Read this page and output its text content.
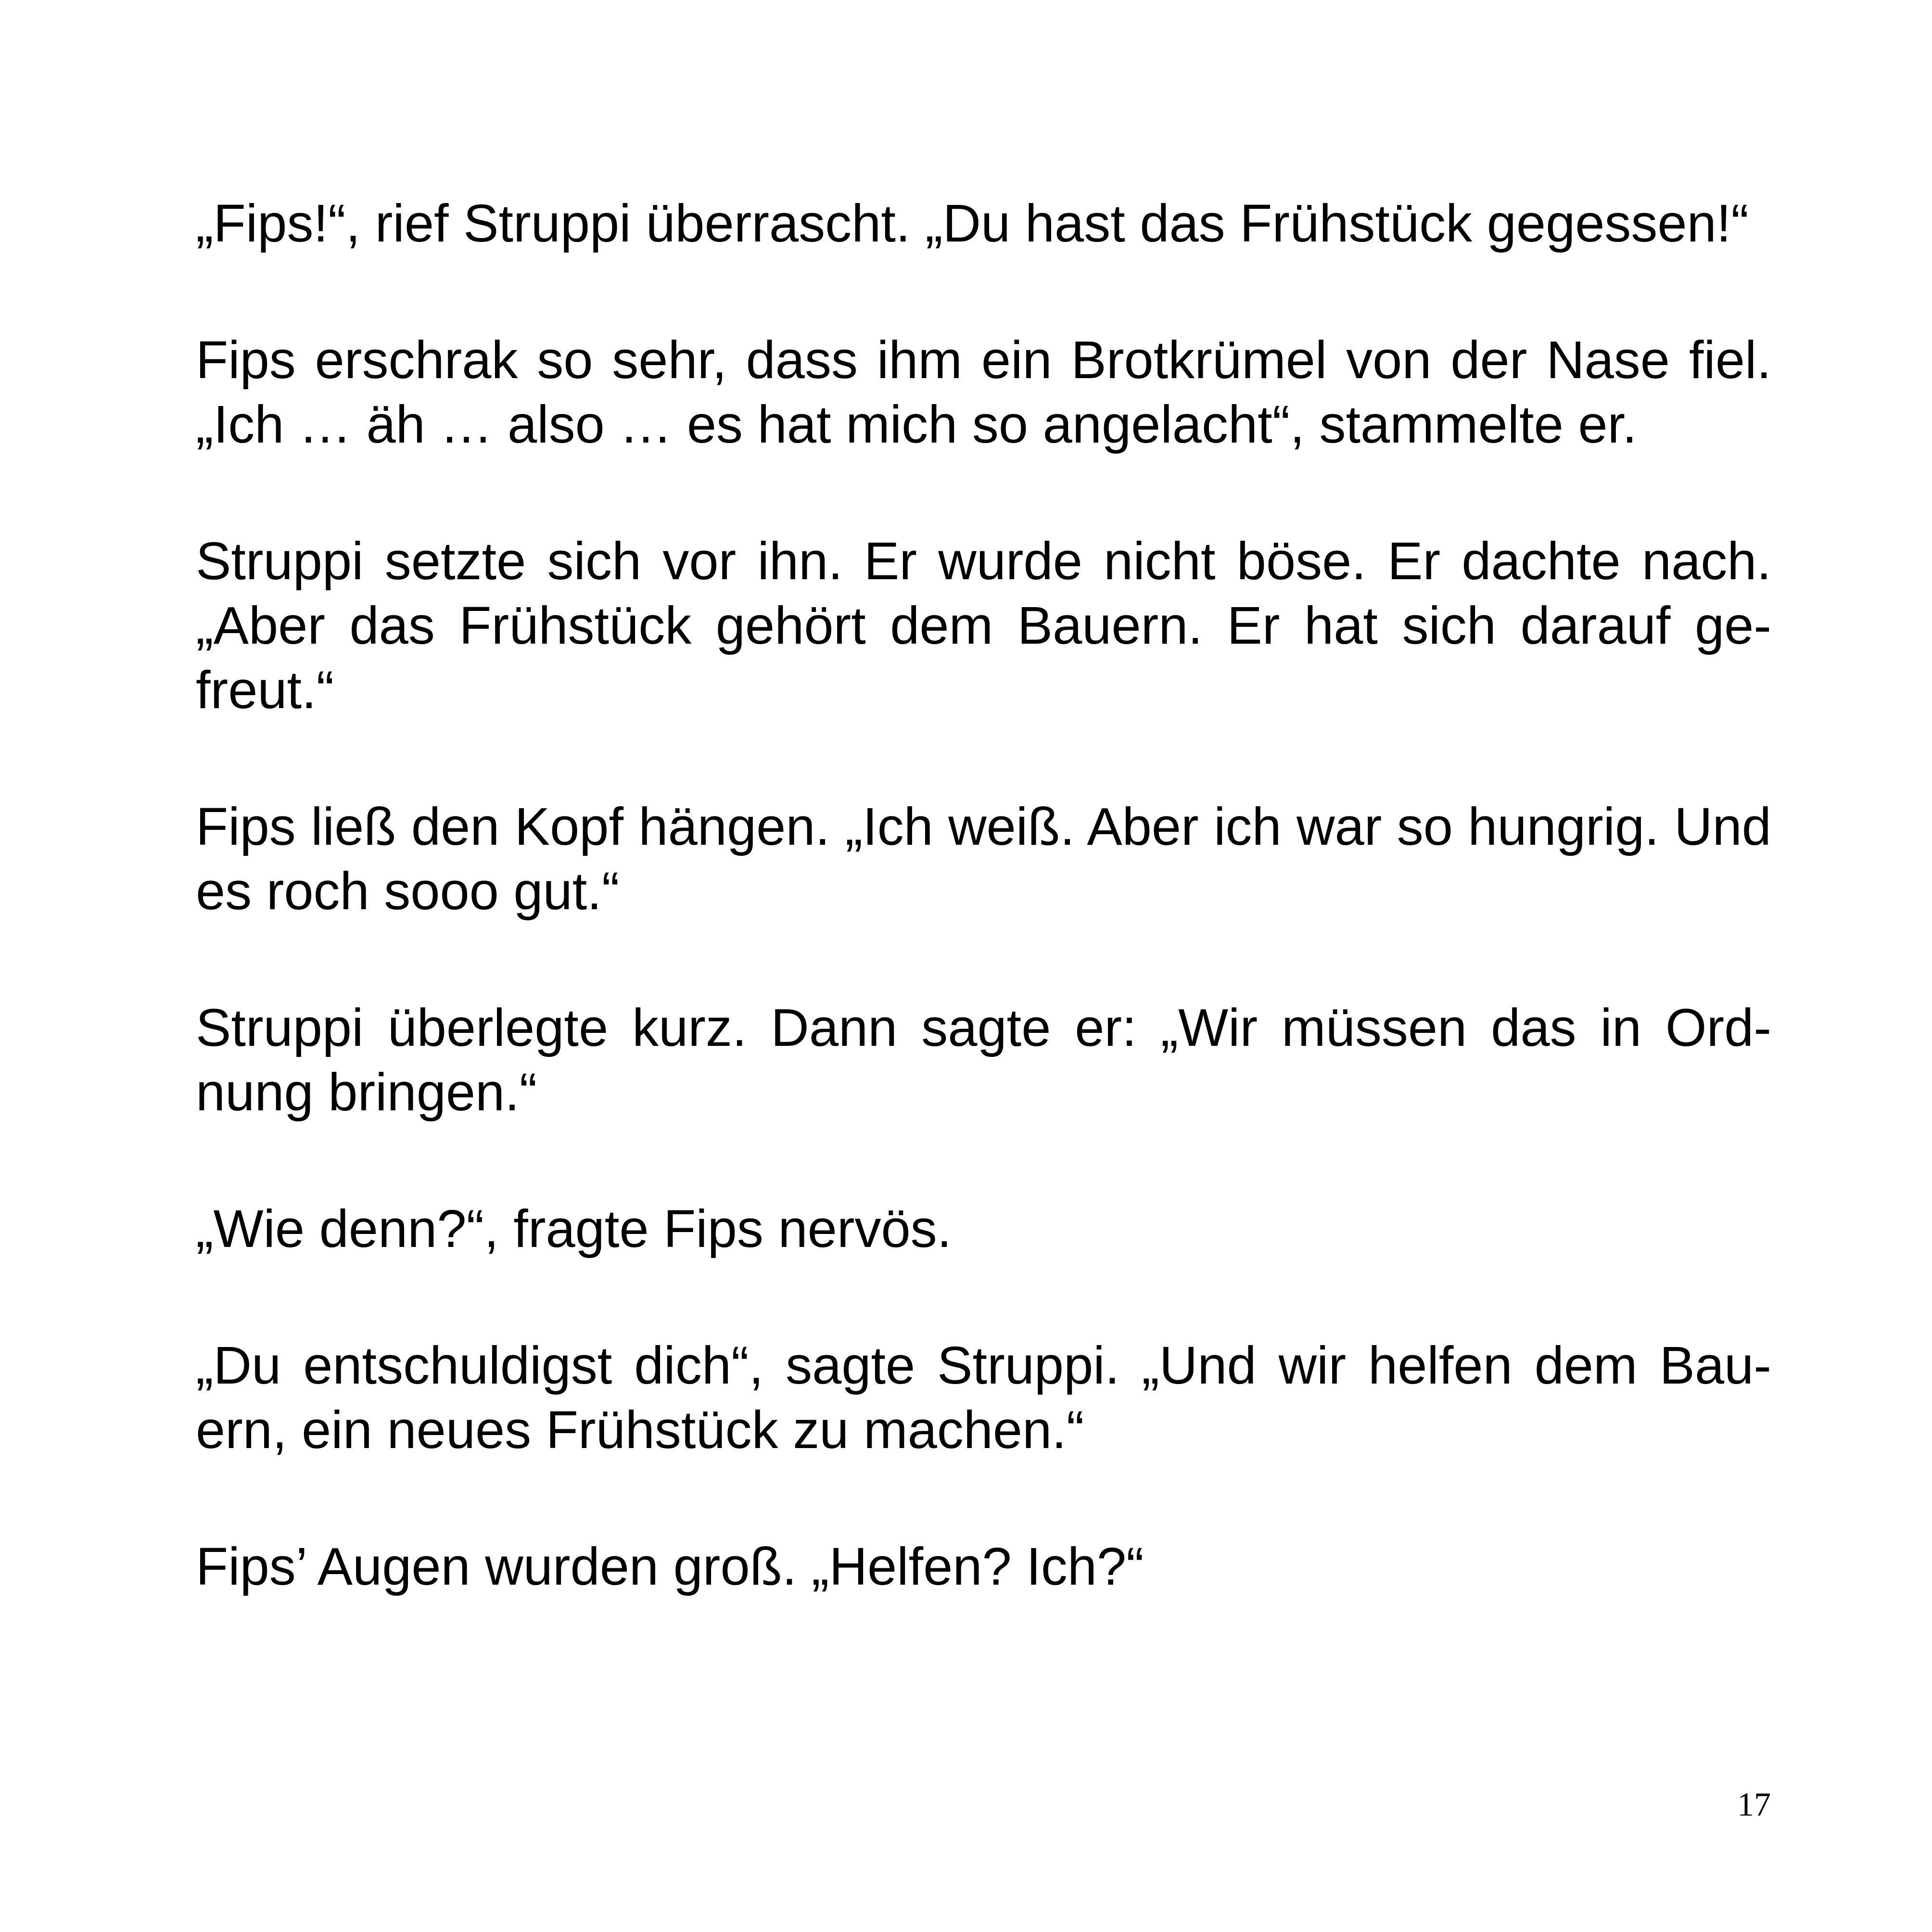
„Fips!“, rief Struppi überrascht. „Du hast das Frühstück gegessen!“

Fips erschrak so sehr, dass ihm ein Brotkrümel von der Nase fiel. „Ich … äh … also … es hat mich so angelacht“, stammelte er.

Struppi setzte sich vor ihn. Er wurde nicht böse. Er dachte nach. „Aber das Frühstück gehört dem Bauern. Er hat sich darauf gefreut.“

Fips ließ den Kopf hängen. „Ich weiß. Aber ich war so hungrig. Und es roch sooo gut.“

Struppi überlegte kurz. Dann sagte er: „Wir müssen das in Ordnung bringen.“

„Wie denn?“, fragte Fips nervös.

„Du entschuldigst dich“, sagte Struppi. „Und wir helfen dem Bauern, ein neues Frühstück zu machen.“

Fips’ Augen wurden groß. „Helfen? Ich?“

17
